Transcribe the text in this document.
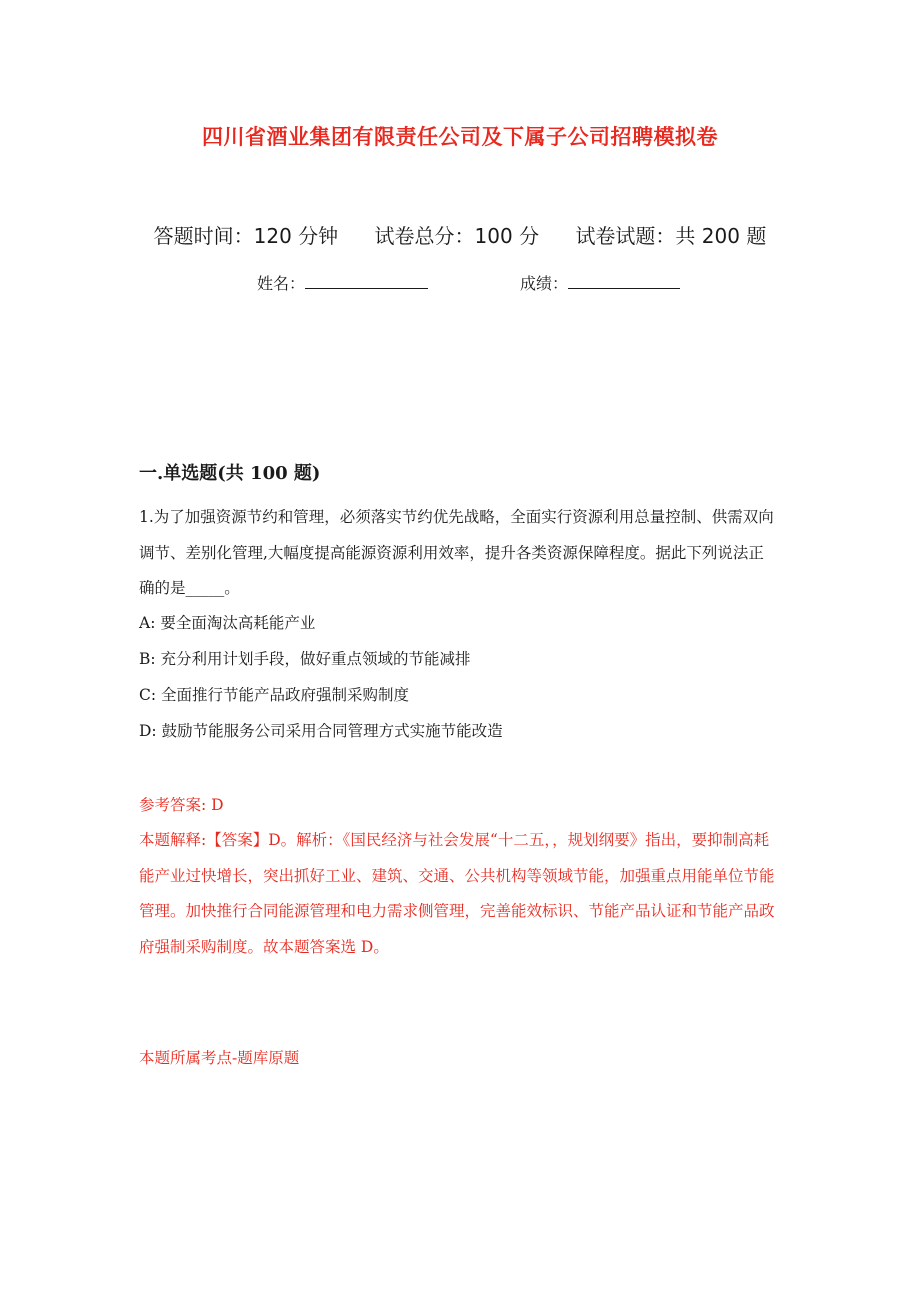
四川省酒业集团有限责任公司及下属子公司招聘模拟卷
答题时间：120 分钟 试卷总分：100 分 试卷试题：共 200 题
姓名：	成绩：
一.单选题(共 100 题)
1.为了加强资源节约和管理，必须落实节约优先战略，全面实行资源利用总量控制、供需双向调节、差别化管理,大幅度提高能源资源利用效率，提升各类资源保障程度。据此下列说法正确的是_____。
A: 要全面淘汰高耗能产业
B: 充分利用计划手段，做好重点领域的节能减排
C: 全面推行节能产品政府强制采购制度
D: 鼓励节能服务公司采用合同管理方式实施节能改造
参考答案: D
本题解释:【答案】D。解析：《国民经济与社会发展“十二五，，规划纲要》指出，要抑制高耗能产业过快增长，突出抓好工业、建筑、交通、公共机构等领域节能，加强重点用能单位节能管理。加快推行合同能源管理和电力需求侧管理，完善能效标识、节能产品认证和节能产品政府强制采购制度。故本题答案选 D。
本题所属考点-题库原题
